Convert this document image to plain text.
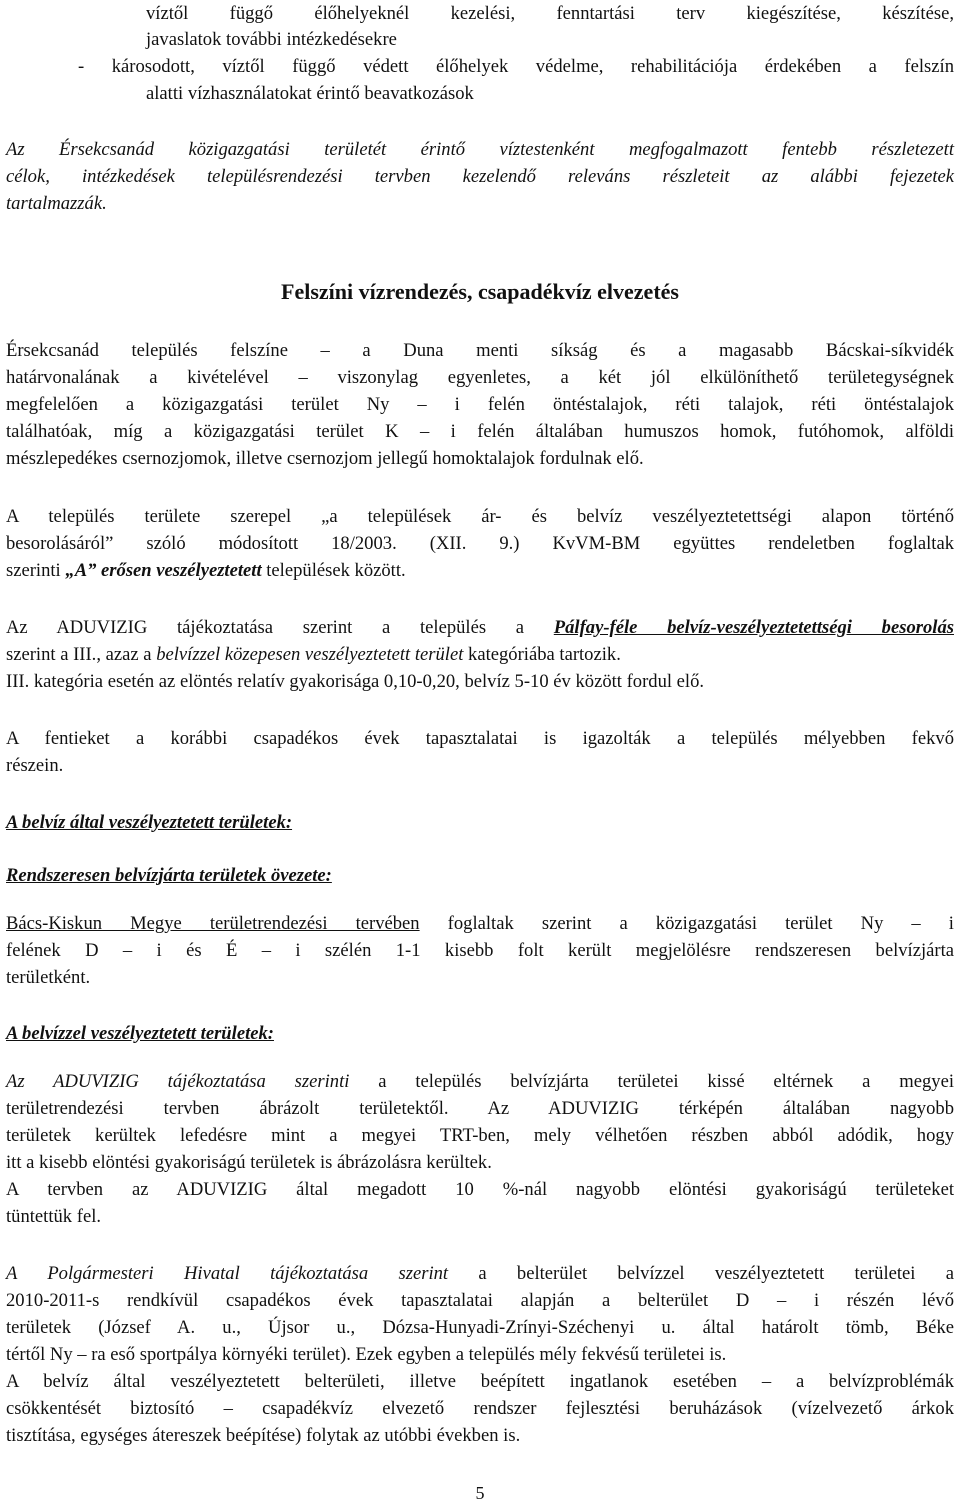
víztől függő élőhelyeknél kezelési, fenntartási terv kiegészítése, készítése,
javaslatok további intézkedésekre
- károsodott, víztől függő védett élőhelyek védelme, rehabilitációja érdekében a felszín
alatti vízhasználatokat érintő beavatkozások
Az Érsekcsanád közigazgatási területét érintő víztestenként megfogalmazott fentebb részletezett
célok, intézkedések településrendezési tervben kezelendő releváns részleteit az alábbi fejezetek
tartalmazzák.
Felszíni vízrendezés, csapadékvíz elvezetés
Érsekcsanád település felszíne – a Duna menti síkság és a magasabb Bácskai-síkvidék
határvonalának a kivételével – viszonylag egyenletes, a két jól elkülöníthető területegységnek
megfelelően a közigazgatási terület Ny – i felén öntéstalajok, réti talajok, réti öntéstalajok
találhatóak, míg a közigazgatási terület K – i felén általában humuszos homok, futóhomok, alföldi
mészlepedékes csernozjomok, illetve csernozjom jellegű homoktalajok fordulnak elő.
A település területe szerepel „a települések ár- és belvíz veszélyeztetettségi alapon történő
besorolásáról” szóló módosított 18/2003. (XII. 9.) KvVM-BM együttes rendeletben foglaltak
szerinti „A” erősen veszélyeztetett települések között.
Az ADUVIZIG tájékoztatása szerint a település a Pálfay-féle belvíz-veszélyeztetettségi besorolás
szerint a III., azaz a belvízzel közepesen veszélyeztetett terület kategóriába tartozik.
III. kategória esetén az elöntés relatív gyakorisága 0,10-0,20, belvíz 5-10 év között fordul elő.
A fentieket a korábbi csapadékos évek tapasztalatai is igazolták a település mélyebben fekvő
részein.
A belvíz által veszélyeztetett területek:
Rendszeresen belvízjárta területek övezete:
Bács-Kiskun Megye területrendezési tervében foglaltak szerint a közigazgatási terület Ny – i
felének D – i és É – i szélén 1-1 kisebb folt került megjelölésre rendszeresen belvízjárta
területként.
A belvízzel veszélyeztetett területek:
Az ADUVIZIG tájékoztatása szerinti a település belvízjárta területei kissé eltérnek a megyei
területrendezési tervben ábrázolt területektől. Az ADUVIZIG térképén általában nagyobb
területek kerültek lefedésre mint a megyei TRT-ben, mely vélhetően részben abból adódik, hogy
itt a kisebb elöntési gyakoriságú területek is ábrázolásra kerültek.
A tervben az ADUVIZIG által megadott 10 %-nál nagyobb elöntési gyakoriságú területeket
tüntettük fel.
A Polgármesteri Hivatal tájékoztatása szerint a belterület belvízzel veszélyeztetett területei a
2010-2011-s rendkívül csapadékos évek tapasztalatai alapján a belterület D – i részén lévő
területek (József A. u., Újsor u., Dózsa-Hunyadi-Zrínyi-Széchenyi u. által határolt tömb, Béke
tértől Ny – ra eső sportpálya környéki terület). Ezek egyben a település mély fekvésű területei is.
A belvíz által veszélyeztetett belterületi, illetve beépített ingatlanok esetében – a belvízproblémák
csökkentését biztosító – csapadékvíz elvezető rendszer fejlesztési beruházások (vízelvezető árkok
tisztítása, egységes átereszek beépítése) folytak az utóbbi években is.
5
